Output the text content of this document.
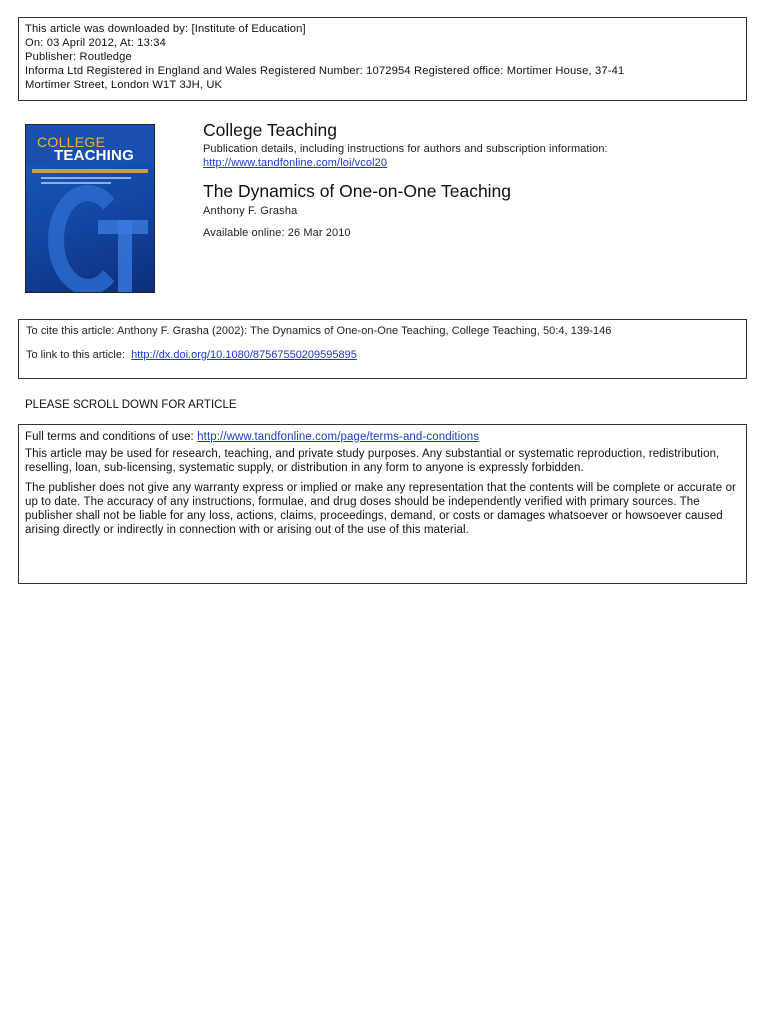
This article was downloaded by: [Institute of Education]
On: 03 April 2012, At: 13:34
Publisher: Routledge
Informa Ltd Registered in England and Wales Registered Number: 1072954 Registered office: Mortimer House, 37-41
Mortimer Street, London W1T 3JH, UK
COLLEGE
TEACHING
College Teaching
Publication details, including instructions for authors and subscription information:
http://www.tandfonline.com/loi/vcol20
The Dynamics of One-on-One Teaching
Anthony F. Grasha
Available online: 26 Mar 2010
To cite this article: Anthony F. Grasha (2002): The Dynamics of One-on-One Teaching, College Teaching, 50:4, 139-146
To link to this article: http://dx.doi.org/10.1080/87567550209595895
PLEASE SCROLL DOWN FOR ARTICLE

Full terms and conditions of use: http://www.tandfonline.com/page/terms-and-conditions

This article may be used for research, teaching, and private study purposes. Any substantial or systematic reproduction, redistribution, reselling, loan, sub-licensing, systematic supply, or distribution in any form to anyone is expressly forbidden.

The publisher does not give any warranty express or implied or make any representation that the contents will be complete or accurate or up to date. The accuracy of any instructions, formulae, and drug doses should be independently verified with primary sources. The publisher shall not be liable for any loss, actions, claims, proceedings, demand, or costs or damages whatsoever or howsoever caused arising directly or indirectly in connection with or arising out of the use of this material.
